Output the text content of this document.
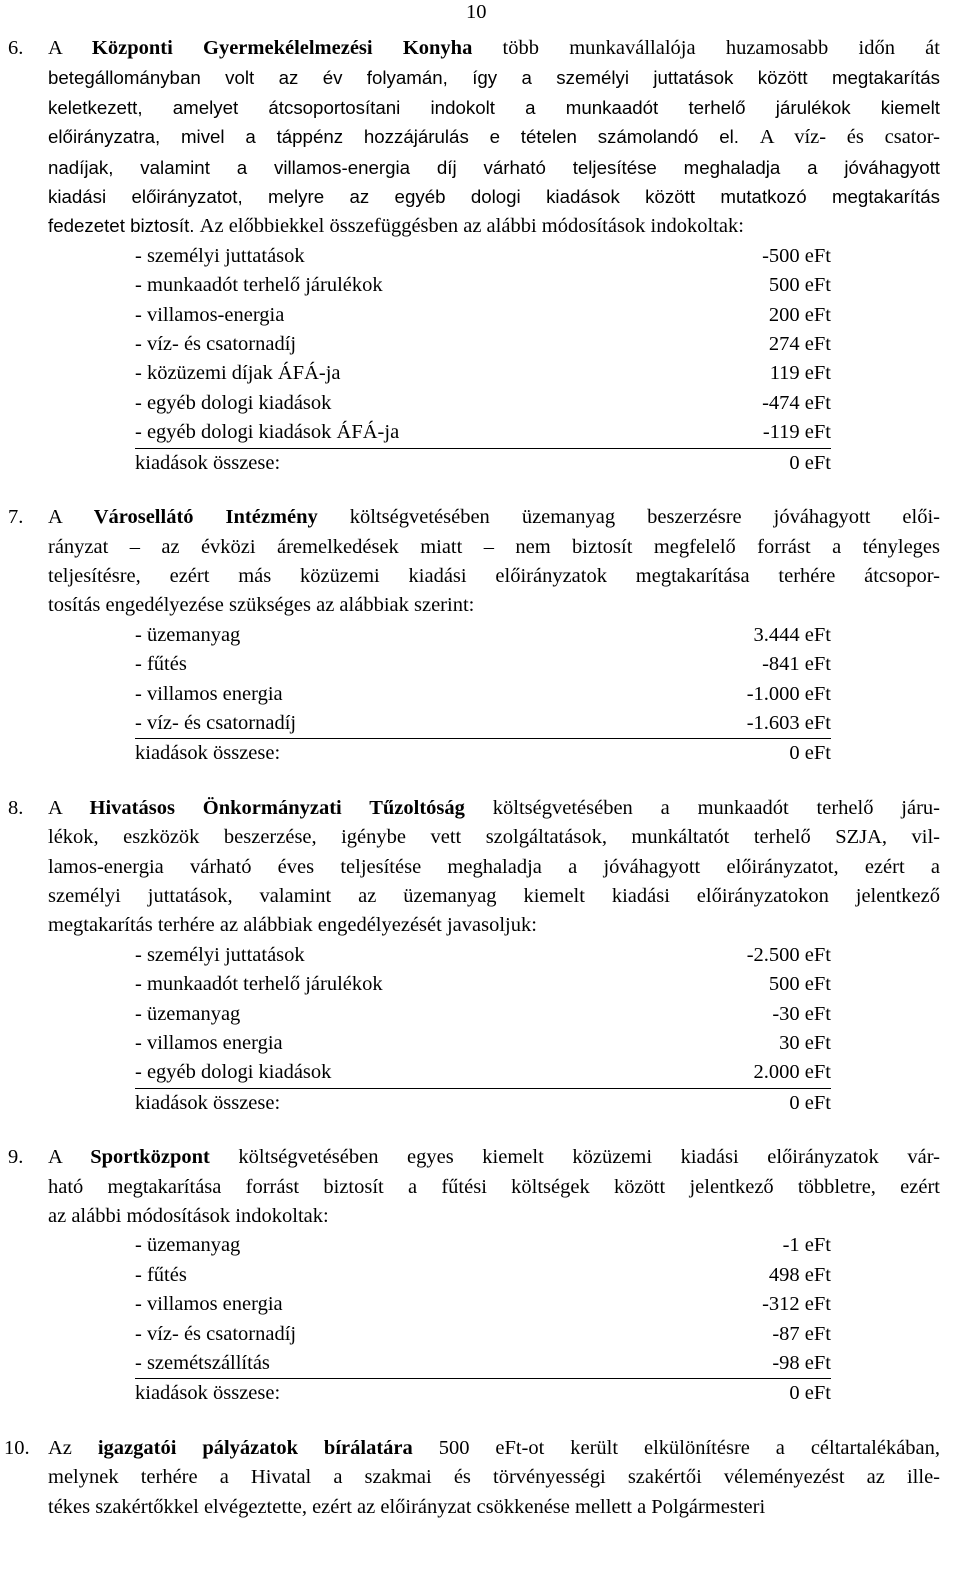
10
6. A Központi Gyermekélelmezési Konyha több munkavállalója huzamosabb időn át
betegállományban volt az év folyamán, így a személyi juttatások között megtakarítás
keletkezett, amelyet átcsoportosítani indokolt a munkaadót terhelő járulékok kiemelt
előirányzatra, mivel a táppénz hozzájárulás e tételen számolandó el. A víz- és csator-
nadíjak, valamint a villamos-energia díj várható teljesítése meghaladja a jóváhagyott
kiadási előirányzatot, melyre az egyéb dologi kiadások között mutatkozó megtakarítás
fedezetet biztosít. Az előbbiekkel összefüggésben az alábbi módosítások indokoltak:
- személyi juttatások	-500 eFt
- munkaadót terhelő járulékok	500 eFt
- villamos-energia	200 eFt
- víz- és csatornadíj	274 eFt
- közüzemi díjak ÁFÁ-ja	119 eFt
- egyéb dologi kiadások	-474 eFt
- egyéb dologi kiadások ÁFÁ-ja	-119 eFt
kiadások összese:	0 eFt
7. A Városellátó Intézmény költségvetésében üzemanyag beszerzésre jóváhagyott elői-
rányzat – az évközi áremelkedések miatt – nem biztosít megfelelő forrást a tényleges
teljesítésre, ezért más közüzemi kiadási előirányzatok megtakarítása terhére átcsopor-
tosítás engedélyezése szükséges az alábbiak szerint:
- üzemanyag	3.444 eFt
- fűtés	-841 eFt
- villamos energia	-1.000 eFt
- víz- és csatornadíj	-1.603 eFt
kiadások összese:	0 eFt
8. A Hivatásos Önkormányzati Tűzoltóság költségvetésében a munkaadót terhelő járu-
lékok, eszközök beszerzése, igénybe vett szolgáltatások, munkáltatót terhelő SZJA, vil-
lamos-energia várható éves teljesítése meghaladja a jóváhagyott előirányzatot, ezért a
személyi juttatások, valamint az üzemanyag kiemelt kiadási előirányzatokon jelentkező
megtakarítás terhére az alábbiak engedélyezését javasoljuk:
- személyi juttatások	-2.500 eFt
- munkaadót terhelő járulékok	500 eFt
- üzemanyag	-30 eFt
- villamos energia	30 eFt
- egyéb dologi kiadások	2.000 eFt
kiadások összese:	0 eFt
9. A Sportközpont költségvetésében egyes kiemelt közüzemi kiadási előirányzatok vár-
ható megtakarítása forrást biztosít a fűtési költségek között jelentkező többletre, ezért
az alábbi módosítások indokoltak:
- üzemanyag	-1 eFt
- fűtés	498 eFt
- villamos energia	-312 eFt
- víz- és csatornadíj	-87 eFt
- szemétszállítás	-98 eFt
kiadások összese:	0 eFt
10. Az igazgatói pályázatok bírálatára 500 eFt-ot került elkülönítésre a céltartalékában,
melynek terhére a Hivatal a szakmai és törvényességi szakértői véleményezést az ille-
tékes szakértőkkel elvégeztette, ezért az előirányzat csökkenése mellett a Polgármesteri
